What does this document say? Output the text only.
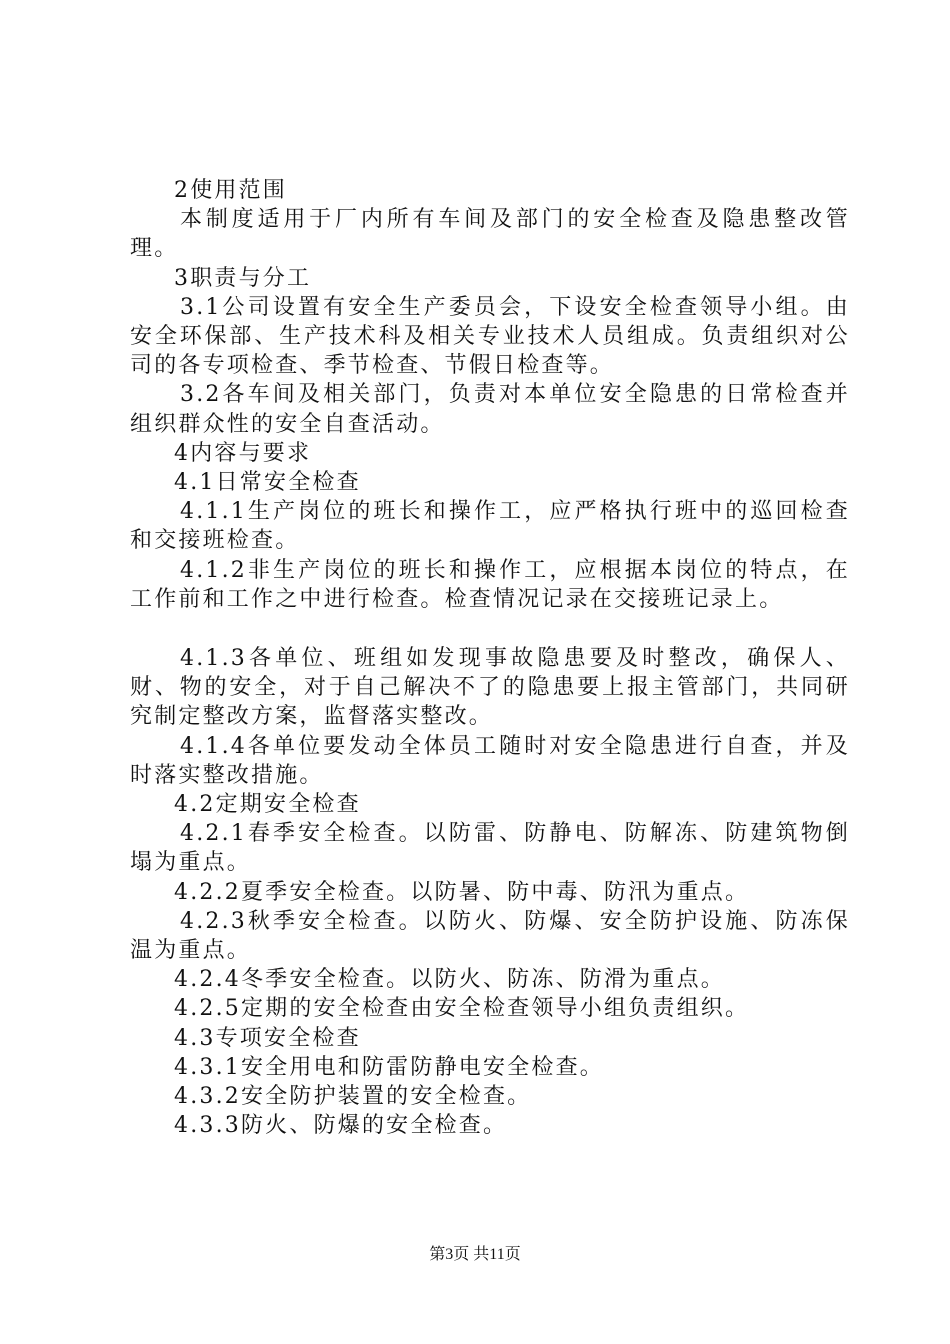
2使用范围
本制度适用于厂内所有车间及部门的安全检查及隐患整改管理。
3职责与分工
3.1公司设置有安全生产委员会，下设安全检查领导小组。由安全环保部、生产技术科及相关专业技术人员组成。负责组织对公司的各专项检查、季节检查、节假日检查等。
3.2各车间及相关部门，负责对本单位安全隐患的日常检查并组织群众性的安全自查活动。
4内容与要求
4.1日常安全检查
4.1.1生产岗位的班长和操作工，应严格执行班中的巡回检查和交接班检查。
4.1.2非生产岗位的班长和操作工，应根据本岗位的特点，在工作前和工作之中进行检查。检查情况记录在交接班记录上。
4.1.3各单位、班组如发现事故隐患要及时整改，确保人、财、物的安全，对于自己解决不了的隐患要上报主管部门，共同研究制定整改方案，监督落实整改。
4.1.4各单位要发动全体员工随时对安全隐患进行自查，并及时落实整改措施。
4.2定期安全检查
4.2.1春季安全检查。以防雷、防静电、防解冻、防建筑物倒塌为重点。
4.2.2夏季安全检查。以防暑、防中毒、防汛为重点。
4.2.3秋季安全检查。以防火、防爆、安全防护设施、防冻保温为重点。
4.2.4冬季安全检查。以防火、防冻、防滑为重点。
4.2.5定期的安全检查由安全检查领导小组负责组织。
4.3专项安全检查
4.3.1安全用电和防雷防静电安全检查。
4.3.2安全防护装置的安全检查。
4.3.3防火、防爆的安全检查。
第3页 共11页
